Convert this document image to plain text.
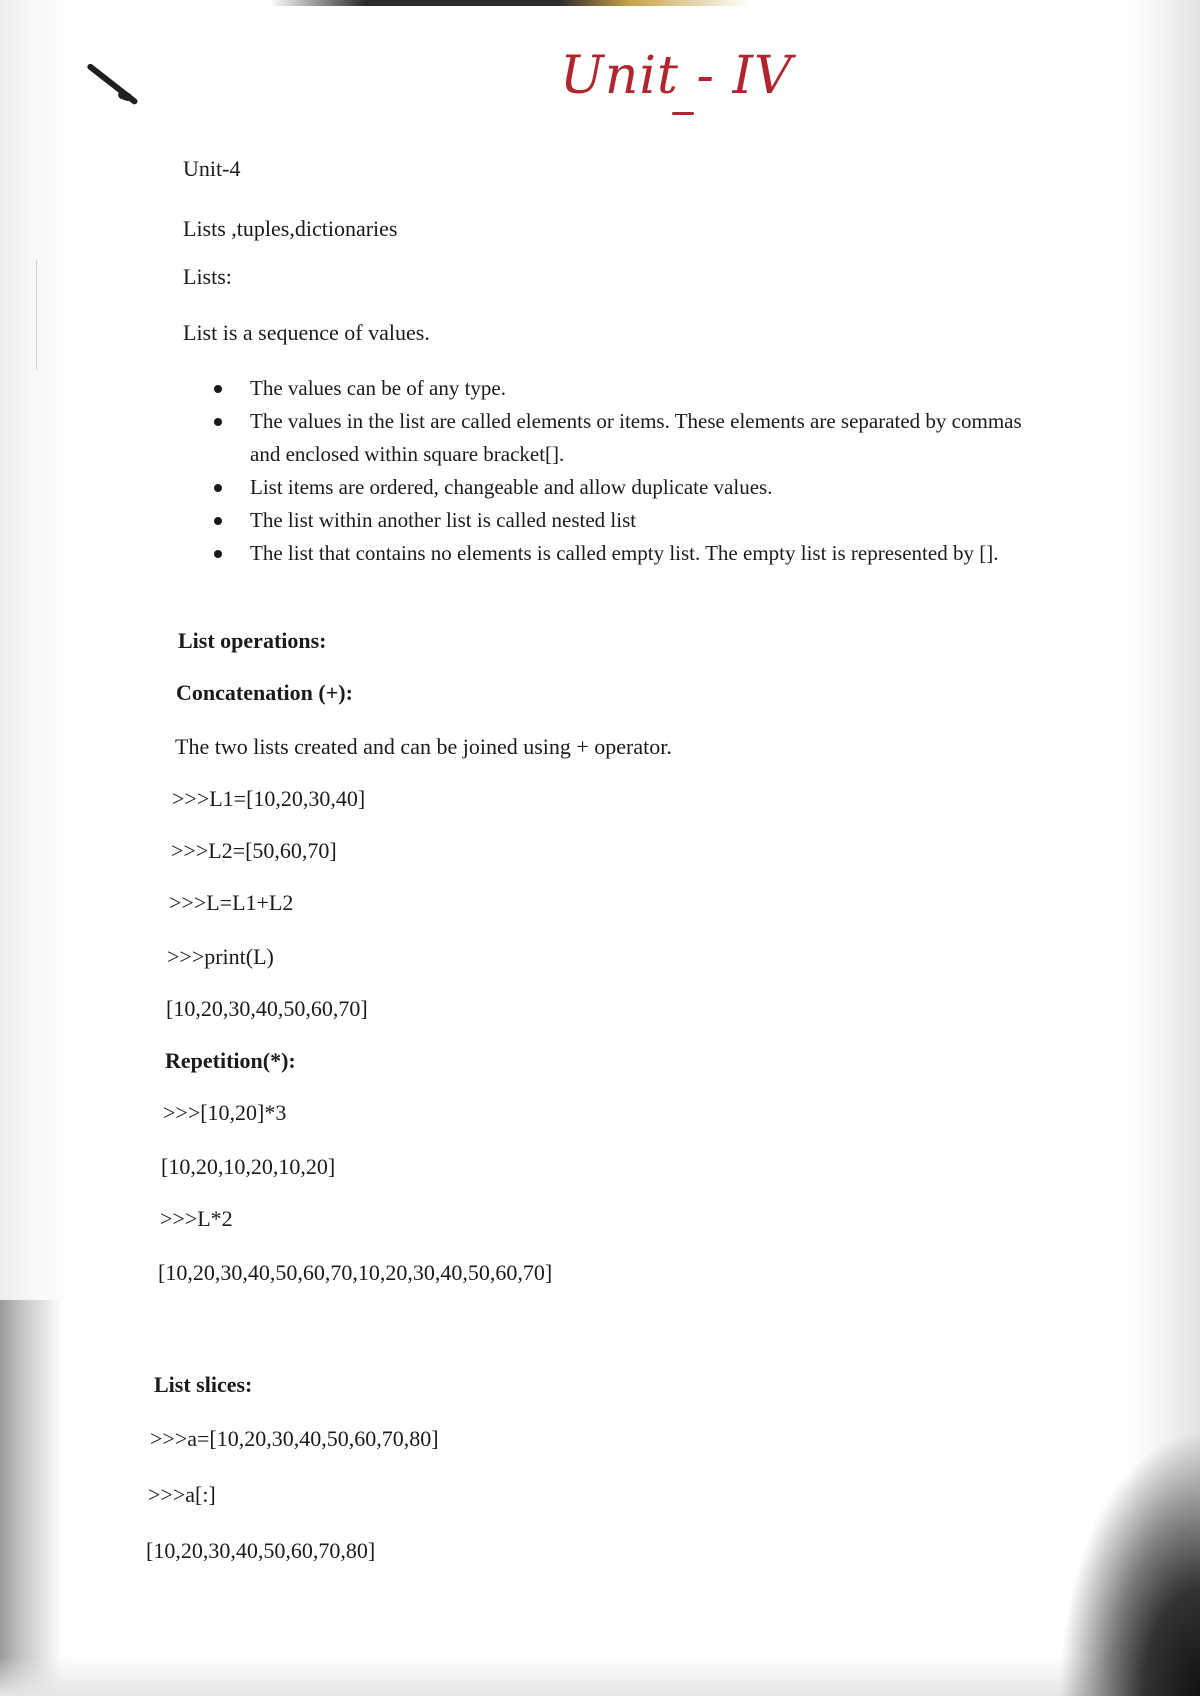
Unit - IV
Unit-4
Lists ,tuples,dictionaries
Lists:
List is a sequence of values.
The values can be of any type.
The values in the list are called elements or items. These elements are separated by commas and enclosed within square bracket[].
List items are ordered, changeable and allow duplicate values.
The list within another list is called nested list
The list that contains no elements is called empty list. The empty list is represented by [].
List operations:
Concatenation (+):
The two lists created and can be joined using + operator.
>>>L1=[10,20,30,40]
>>>L2=[50,60,70]
>>>L=L1+L2
>>>print(L)
[10,20,30,40,50,60,70]
Repetition(*):
>>>[10,20]*3
[10,20,10,20,10,20]
>>>L*2
[10,20,30,40,50,60,70,10,20,30,40,50,60,70]
List slices:
>>>a=[10,20,30,40,50,60,70,80]
>>>a[:]
[10,20,30,40,50,60,70,80]
